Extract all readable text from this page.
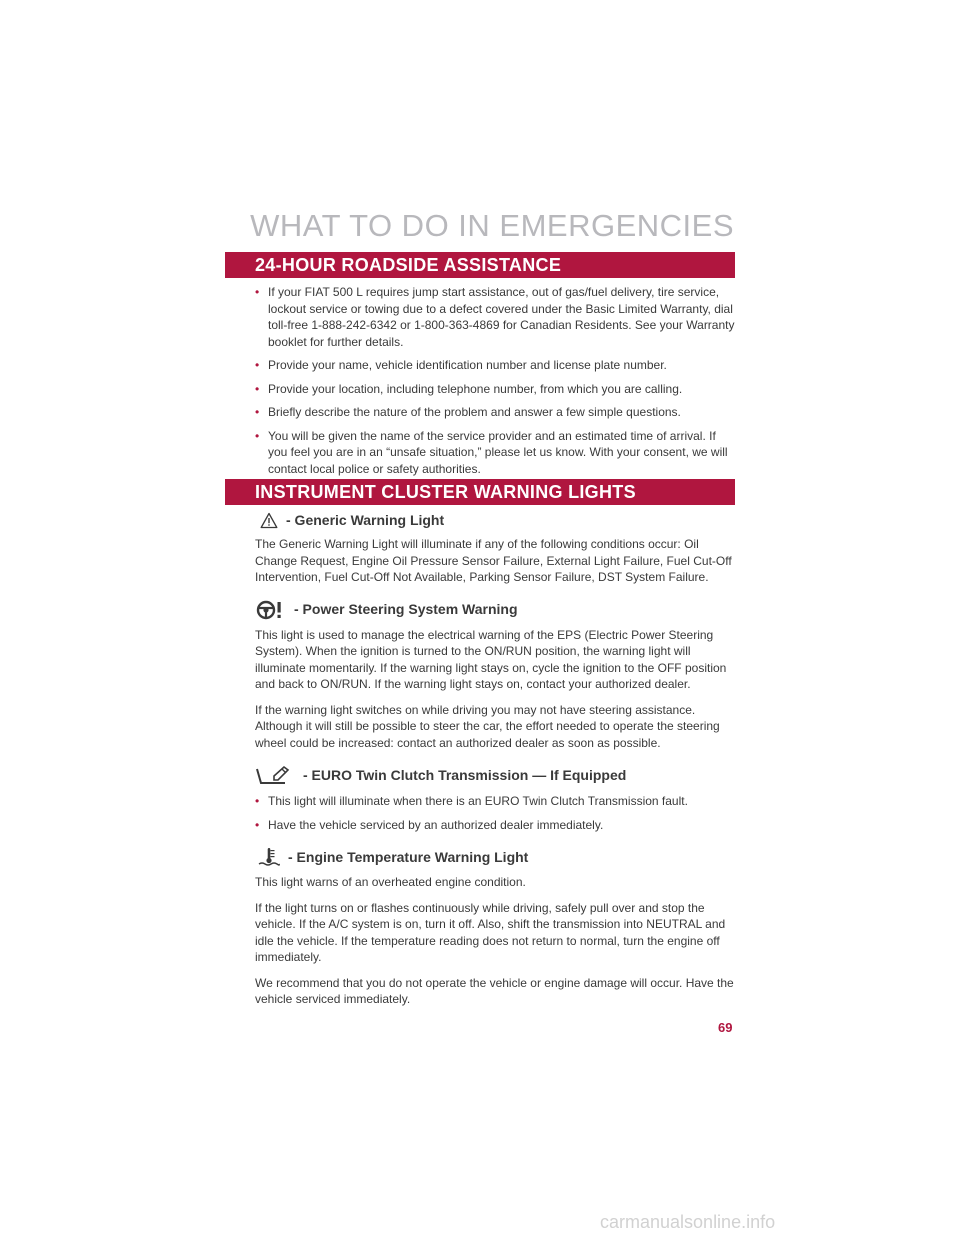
WHAT TO DO IN EMERGENCIES
24-HOUR ROADSIDE ASSISTANCE
• If your FIAT 500 L requires jump start assistance, out of gas/fuel delivery, tire service, lockout service or towing due to a defect covered under the Basic Limited Warranty, dial toll-free 1-888-242-6342 or 1-800-363-4869 for Canadian Residents. See your Warranty booklet for further details.
• Provide your name, vehicle identification number and license plate number.
• Provide your location, including telephone number, from which you are calling.
• Briefly describe the nature of the problem and answer a few simple questions.
• You will be given the name of the service provider and an estimated time of arrival. If you feel you are in an “unsafe situation,” please let us know. With your consent, we will contact local police or safety authorities.
INSTRUMENT CLUSTER WARNING LIGHTS
- Generic Warning Light

The Generic Warning Light will illuminate if any of the following conditions occur: Oil Change Request, Engine Oil Pressure Sensor Failure, External Light Failure, Fuel Cut-Off Intervention, Fuel Cut-Off Not Available, Parking Sensor Failure, DST System Failure.

- Power Steering System Warning

This light is used to manage the electrical warning of the EPS (Electric Power Steering System). When the ignition is turned to the ON/RUN position, the warning light will illuminate momentarily. If the warning light stays on, cycle the ignition to the OFF position and back to ON/RUN. If the warning light stays on, contact your authorized dealer.

If the warning light switches on while driving you may not have steering assistance. Although it will still be possible to steer the car, the effort needed to operate the steering wheel could be increased: contact an authorized dealer as soon as possible.

- EURO Twin Clutch Transmission — If Equipped
• This light will illuminate when there is an EURO Twin Clutch Transmission fault.
• Have the vehicle serviced by an authorized dealer immediately.
- Engine Temperature Warning Light

This light warns of an overheated engine condition.

If the light turns on or flashes continuously while driving, safely pull over and stop the vehicle. If the A/C system is on, turn it off. Also, shift the transmission into NEUTRAL and idle the vehicle. If the temperature reading does not return to normal, turn the engine off immediately.

We recommend that you do not operate the vehicle or engine damage will occur. Have the vehicle serviced immediately.

69
carmanualsonline.info
